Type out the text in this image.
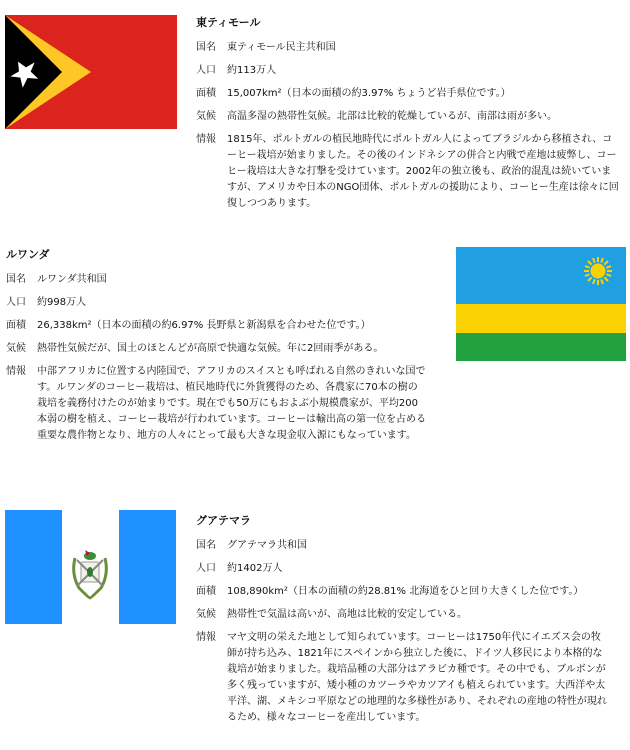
東ティモール
国名	東ティモール民主共和国
人口	約113万人
面積	15,007km²（日本の面積の約3.97% ちょうど岩手県位です。）
気候	高温多湿の熱帯性気候。北部は比較的乾燥しているが、南部は雨が多い。
情報	1815年、ポルトガルの植民地時代にポルトガル人によってブラジルから移植され、コーヒー栽培が始まりました。その後のインドネシアの併合と内戦で産地は疲弊し、コーヒー栽培は大きな打撃を受けています。2002年の独立後も、政治的混乱は続いていますが、アメリカや日本のNGO団体、ポルトガルの援助により、コーヒー生産は徐々に回復しつつあります。
ルワンダ
国名	ルワンダ共和国
人口	約998万人
面積	26,338km²（日本の面積の約6.97% 長野県と新潟県を合わせた位です。）
気候	熱帯性気候だが、国土のほとんどが高原で快適な気候。年に2回雨季がある。
情報	中部アフリカに位置する内陸国で、アフリカのスイスとも呼ばれる自然のきれいな国です。ルワンダのコーヒー栽培は、植民地時代に外貨獲得のため、各農家に70本の樹の栽培を義務付けたのが始まりです。現在でも50万にもおよぶ小規模農家が、平均200本弱の樹を植え、コーヒー栽培が行われています。コーヒーは輸出高の第一位を占める重要な農作物となり、地方の人々にとって最も大きな現金収入源にもなっています。
グアテマラ
国名	グアテマラ共和国
人口	約1402万人
面積	108,890km²（日本の面積の約28.81% 北海道をひと回り大きくした位です。）
気候	熱帯性で気温は高いが、高地は比較的安定している。
情報	マヤ文明の栄えた地として知られています。コーヒーは1750年代にイエズス会の牧師が持ち込み、1821年にスペインから独立した後に、ドイツ人移民により本格的な栽培が始まりました。栽培品種の大部分はアラビカ種です。その中でも、ブルボンが多く残っていますが、矮小種のカツーラやカツアイも植えられています。大西洋や太平洋、湖、メキシコ平原などの地理的な多様性があり、それぞれの産地の特性が現れるため、様々なコーヒーを産出しています。
